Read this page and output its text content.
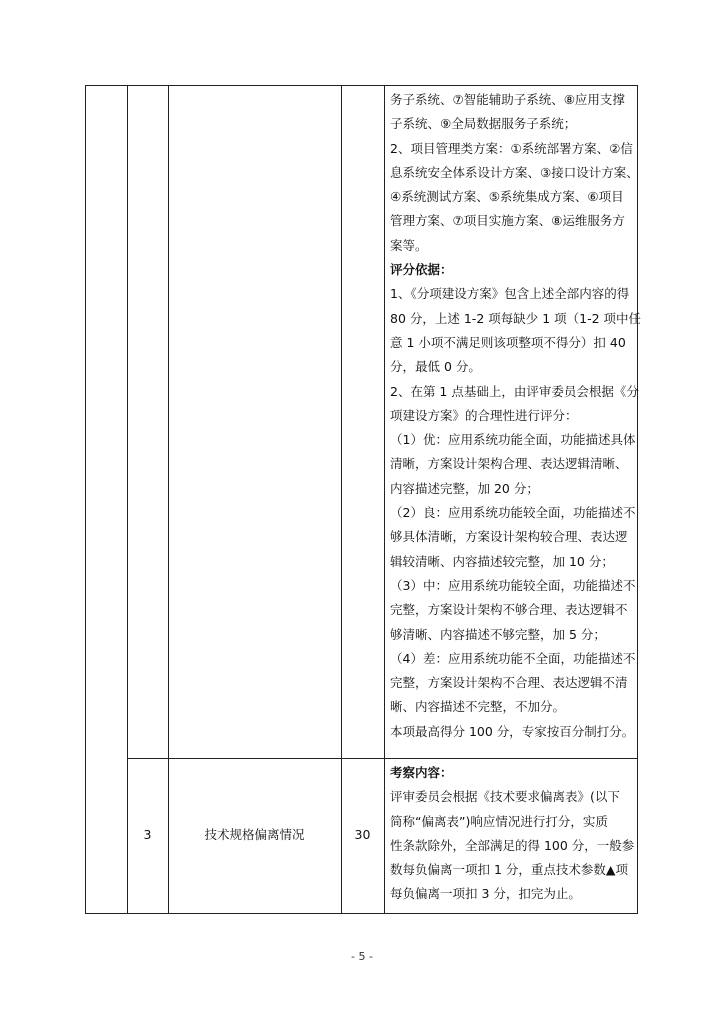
务子系统、⑦智能辅助子系统、⑧应用支撑
子系统、⑨全局数据服务子系统；
2、项目管理类方案：①系统部署方案、②信
息系统安全体系设计方案、③接口设计方案、
④系统测试方案、⑤系统集成方案、⑥项目
管理方案、⑦项目实施方案、⑧运维服务方
案等。
评分依据：
1、《分项建设方案》包含上述全部内容的得
80 分，上述 1-2 项每缺少 1 项（1-2 项中任
意 1 小项不满足则该项整项不得分）扣 40
分，最低 0 分。
2、在第 1 点基础上，由评审委员会根据《分
项建设方案》的合理性进行评分：
（1）优：应用系统功能全面，功能描述具体
清晰，方案设计架构合理、表达逻辑清晰、
内容描述完整，加 20 分；
（2）良：应用系统功能较全面，功能描述不
够具体清晰，方案设计架构较合理、表达逻
辑较清晰、内容描述较完整，加 10 分；
（3）中：应用系统功能较全面，功能描述不
完整，方案设计架构不够合理、表达逻辑不
够清晰、内容描述不够完整，加 5 分；
（4）差：应用系统功能不全面，功能描述不
完整，方案设计架构不合理、表达逻辑不清
晰、内容描述不完整，不加分。
本项最高得分 100 分，专家按百分制打分。
3	技术规格偏离情况	30
考察内容：
评审委员会根据《技术要求偏离表》(以下
简称“偏离表”)响应情况进行打分，实质
性条款除外，全部满足的得 100 分，一般参
数每负偏离一项扣 1 分，重点技术参数▲项
每负偏离一项扣 3 分，扣完为止。
- 5 -
